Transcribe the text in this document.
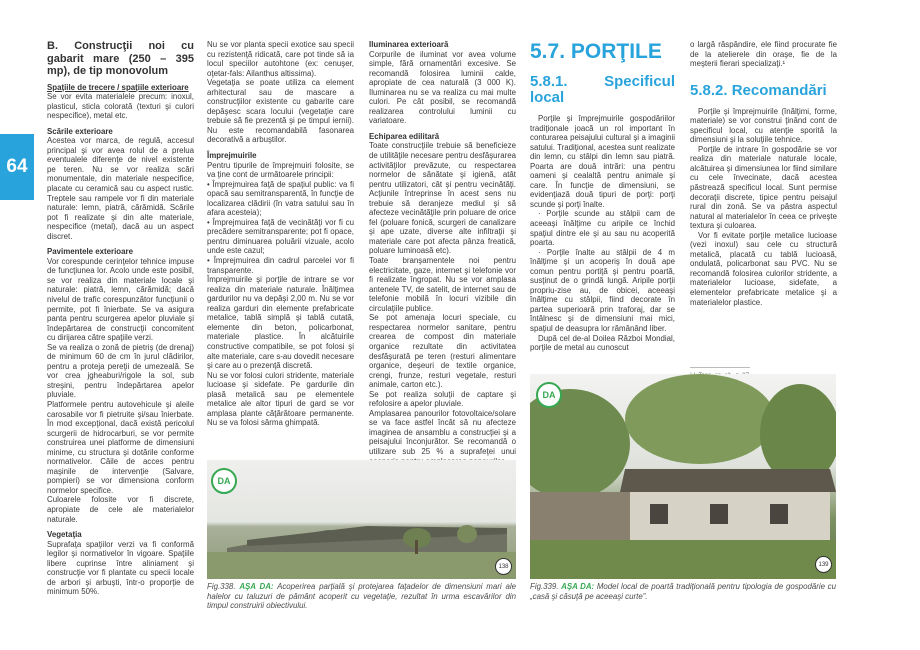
64

B. Construcţii noi cu gabarit mare (250 – 395 mp), de tip monovolum

Spaţiile de trecere / spaţiile exterioare

Se vor evita materialele precum: inoxul, plasticul, sticla colorată (texturi şi culori nespecifice), metal etc.

Scările exterioare

Acestea vor marca, de regulă, accesul principal şi vor avea rolul de a prelua eventualele diferenţe de nivel existente pe teren. Nu se vor realiza scări monumentale, din materiale nespecifice, placate cu ceramică sau cu aspect rustic. Treptele sau rampele vor fi din materiale naturale: lemn, piatră, cărămidă. Scările pot fi realizate şi din alte materiale, nespecifice (metal), dacă au un aspect discret.

Pavimentele exterioare

Vor corespunde cerinţelor tehnice impuse de funcţiunea lor. Acolo unde este posibil, se vor realiza din materiale locale şi naturale: piatră, lemn, cărămidă; dacă nivelul de trafic corespunzător funcţiunii o permite, pot fi înierbate. Se va asigura panta pentru scurgerea apelor pluviale şi îndepărtarea de construcţii concomitent cu dirijarea către spaţiile verzi.

Se va realiza o zonă de pietriş (de drenaj) de minimum 60 de cm în jurul clădirilor, pentru a proteja pereţii de umezeală. Se vor crea jgheaburi/rigole la sol, sub streşini, pentru îndepărtarea apelor pluviale.

Platformele pentru autovehicule şi aleile carosabile vor fi pietruite şi/sau înierbate. În mod excepţional, dacă există pericolul scurgerii de hidrocarburi, se vor permite construirea unei platforme de dimensiuni minime, cu structura şi dotările conforme normativelor. Căile de acces pentru maşinile de intervenţie (Salvare, pompieri) se vor dimensiona conform normelor specifice.

Culoarele folosite vor fi discrete, apropiate de cele ale materialelor naturale.

Vegetaţia

Suprafaţa spaţiilor verzi va fi conformă legilor şi normativelor în vigoare. Spaţiile libere cuprinse între aliniament şi construcţie vor fi plantate cu specii locale de arbori şi arbuşti, într-o proporţie de minimum 50%.

Nu se vor planta specii exotice sau specii cu rezistenţă ridicată, care pot tinde să ia locul speciilor autohtone (ex: cenuşer, oţetar-fals: Ailanthus altissima).

Vegetaţia se poate utiliza ca element arhitectural sau de mascare a construcţiilor existente cu gabarite care depăşesc scara locului (vegetaţie care trebuie să fie prezentă şi pe timpul iernii). Nu este recomandabilă fasonarea decorativă a arbuştilor.

Împrejmuirile

Pentru tipurile de împrejmuiri folosite, se va ţine cont de următoarele principii:

• Împrejmuirea faţă de spaţiul public: va fi opacă sau semitransparentă, în funcţie de localizarea clădirii (în vatra satului sau în afara acesteia);

• Împrejmuirea faţă de vecinătăţi vor fi cu precădere semitransparente; pot fi opace, pentru diminuarea poluării vizuale, acolo unde este cazul;

• Împrejmuirea din cadrul parcelei vor fi transparente.

Împrejmuirile şi porţile de intrare se vor realiza din materiale naturale. Înălţimea gardurilor nu va depăşi 2,00 m. Nu se vor realiza garduri din elemente prefabricate metalice, tablă simplă şi tablă cutată, elemente din beton, policarbonat, materiale plastice. În alcătuirile constructive compatibile, se pot folosi şi alte materiale, care s-au dovedit necesare şi care au o prezenţă discretă.

Nu se vor folosi culori stridente, materiale lucioase şi sidefate. Pe gardurile din plasă metalică sau pe elementele metalice ale altor tipuri de gard se vor amplasa plante căţărătoare permanente. Nu se va folosi sârma ghimpată.

Iluminarea exterioară

Corpurile de iluminat vor avea volume simple, fără ornamentări excesive. Se recomandă folosirea luminii calde, apropiate de cea naturală (3 000 K). Iluminarea nu se va realiza cu mai multe culori. Pe cât posibil, se recomandă realizarea controlului luminii cu variatoare.

Echiparea edilitară

Toate construcţiile trebuie să beneficieze de utilităţile necesare pentru desfăşurarea activităţilor prevăzute, cu respectarea normelor de sănătate şi igienă, atât pentru utilizatori, cât şi pentru vecinătăţi. Acţiunile întreprinse în acest sens nu trebuie să deranjeze mediul şi să afecteze vecinătăţile prin poluare de orice fel (poluare fonică, scurgeri de canalizare şi ape uzate, diverse alte infiltraţii şi materiale care pot afecta pânza freatică, poluare luminoasă etc).

Toate branşamentele noi pentru electricitate, gaze, internet şi telefonie vor fi realizate îngropat. Nu se vor amplasa antenele TV, de satelit, de internet sau de telefonie mobilă în locuri vizibile din circulaţiile publice.

Se pot amenaja locuri speciale, cu respectarea normelor sanitare, pentru crearea de compost din materiale organice rezultate din activitatea desfăşurată pe teren (resturi alimentare organice, deşeuri de textile organice, crengi, frunze, resturi vegetale, resturi animale, carton etc.).

Se pot realiza soluţii de captare şi refolosire a apelor pluviale.

Amplasarea panourilor fotovoltaice/solare se va face astfel încât să nu afecteze imaginea de ansamblu a construcţiei şi a peisajului înconjurător. Se recomandă o utilizare sub 25 % a suprafeţei unui

5.7. PORŢILE

5.8.1. Specificul local

Porţile şi împrejmuirile gospodăriilor tradiţionale joacă un rol important în conturarea peisajului cultural şi a imaginii satului. Tradiţional, acestea sunt realizate din lemn, cu stâlpi din lemn sau piatră. Poarta are două intrări: una pentru oameni şi cealaltă pentru animale şi care. În funcţie de dimensiuni, se evidenţiază două tipuri de porţi: porţi scunde şi porţi înalte.

· Porţile scunde au stâlpii cam de aceeaşi înălţime cu aripile ce închid spaţiul dintre ele şi au sau nu acoperită poarta.

· Porţile înalte au stâlpii de 4 m înălţime şi un acoperiş în două ape comun pentru portiţă şi pentru poartă, susţinut de o grindă lungă. Aripile porţii propriu-zise au, de obicei, aceeaşi înălţime cu stâlpii, fiind decorate în partea superioară prin traforaj, dar se întâlnesc şi de dimensiuni mai mici, spaţiul de deasupra lor rămânând liber.

După cel de-al Doilea Război Mondial, porţile de metal au cunoscut

o largă răspândire, ele fiind procurate fie de la atelierele din oraşe, fie de la meşterii fierari specializaţi.¹

5.8.2. Recomandări

Porţile şi împrejmuirile (înălţimi, forme, materiale) se vor construi ţinând cont de specificul local, cu atenţie sporită la dimensiuni şi la soluţiile tehnice.

Porţile de intrare în gospodărie se vor realiza din materiale naturale locale, alcătuirea şi dimensiunea lor fiind similare cu cele învecinate, dacă acestea păstrează specificul local. Sunt permise decoraţii discrete, tipice pentru peisajul rural din zonă. Se va păstra aspectul natural al materialelor în ceea ce priveşte textura şi culoarea.

Vor fi evitate porţile metalice lucioase (vezi inoxul) sau cele cu structură metalică, placată cu tablă lucioasă, ondulată, policarbonat sau PVC. Nu se recomandă folosirea culorilor stridente, a materialelor lucioase, sidefate, a elementelor prefabricate metalice şi a materialelor plastice.

DA
138
DA
139
Fig.338. AŞA DA: Acoperirea parţială şi protejarea faţadelor de dimensiuni mari ale halelor cu taluzuri de pământ acoperit cu vegetaţie, rezultat în urma escavărilor din timpul construirii obiectivului.
Fig.339. AŞA DA: Model local de poartă tradiţională pentru tipologia de gospodărie cu „casă şi căsuţă pe aceeaşi curte”.
